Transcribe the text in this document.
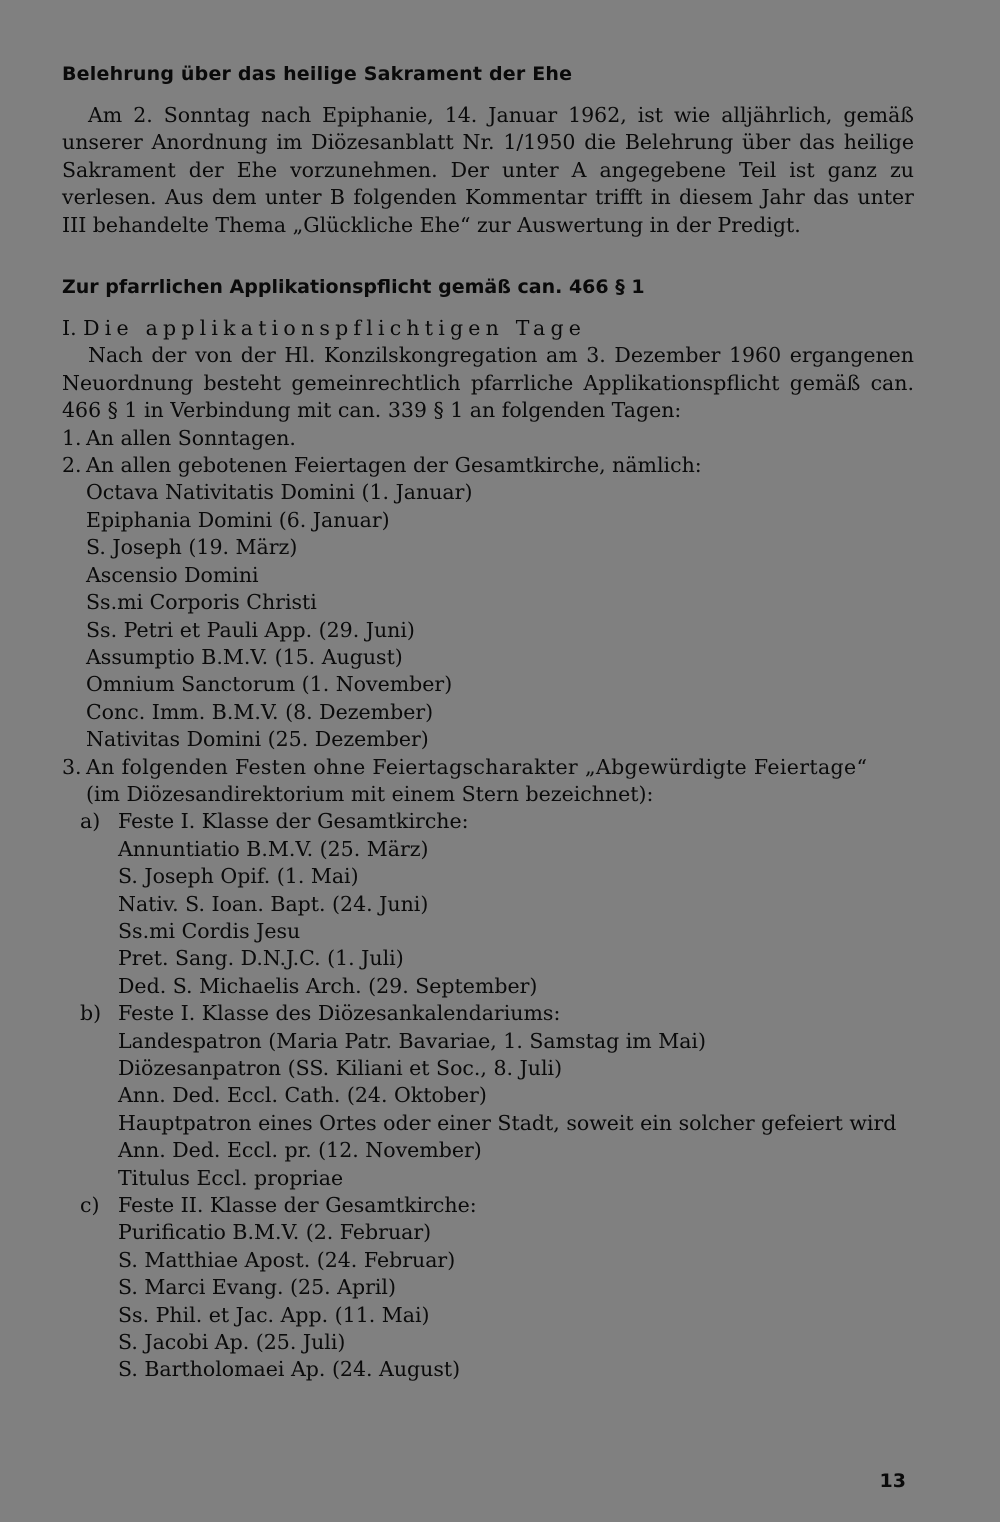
Belehrung über das heilige Sakrament der Ehe

Am 2. Sonntag nach Epiphanie, 14. Januar 1962, ist wie alljährlich, gemäß unserer Anordnung im Diözesanblatt Nr. 1/1950 die Belehrung über das heilige Sakrament der Ehe vorzunehmen. Der unter A angegebene Teil ist ganz zu verlesen. Aus dem unter B folgenden Kommentar trifft in diesem Jahr das unter III behandelte Thema „Glückliche Ehe“ zur Auswertung in der Predigt.

Zur pfarrlichen Applikationspflicht gemäß can. 466 § 1
I. Die applikationspflichtigen Tage

Nach der von der Hl. Konzilskongregation am 3. Dezember 1960 ergangenen Neuordnung besteht gemeinrechtlich pfarrliche Applikationspflicht gemäß can. 466 § 1 in Verbindung mit can. 339 § 1 an folgenden Tagen:

1. An allen Sonntagen.
2. An allen gebotenen Feiertagen der Gesamtkirche, nämlich:
Octava Nativitatis Domini (1. Januar)
Epiphania Domini (6. Januar)
S. Joseph (19. März)
Ascensio Domini
Ss.mi Corporis Christi
Ss. Petri et Pauli App. (29. Juni)
Assumptio B.M.V. (15. August)
Omnium Sanctorum (1. November)
Conc. Imm. B.M.V. (8. Dezember)
Nativitas Domini (25. Dezember)
3. An folgenden Festen ohne Feiertagscharakter „Abgewürdigte Feiertage“
(im Diözesandirektorium mit einem Stern bezeichnet):
a) Feste I. Klasse der Gesamtkirche:
Annuntiatio B.M.V. (25. März)
S. Joseph Opif. (1. Mai)
Nativ. S. Ioan. Bapt. (24. Juni)
Ss.mi Cordis Jesu
Pret. Sang. D.N.J.C. (1. Juli)
Ded. S. Michaelis Arch. (29. September)
b) Feste I. Klasse des Diözesankalendariums:
Landespatron (Maria Patr. Bavariae, 1. Samstag im Mai)
Diözesanpatron (SS. Kiliani et Soc., 8. Juli)
Ann. Ded. Eccl. Cath. (24. Oktober)
Hauptpatron eines Ortes oder einer Stadt, soweit ein solcher gefeiert wird
Ann. Ded. Eccl. pr. (12. November)
Titulus Eccl. propriae
c) Feste II. Klasse der Gesamtkirche:
Purificatio B.M.V. (2. Februar)
S. Matthiae Apost. (24. Februar)
S. Marci Evang. (25. April)
Ss. Phil. et Jac. App. (11. Mai)
S. Jacobi Ap. (25. Juli)
S. Bartholomaei Ap. (24. August)
13
